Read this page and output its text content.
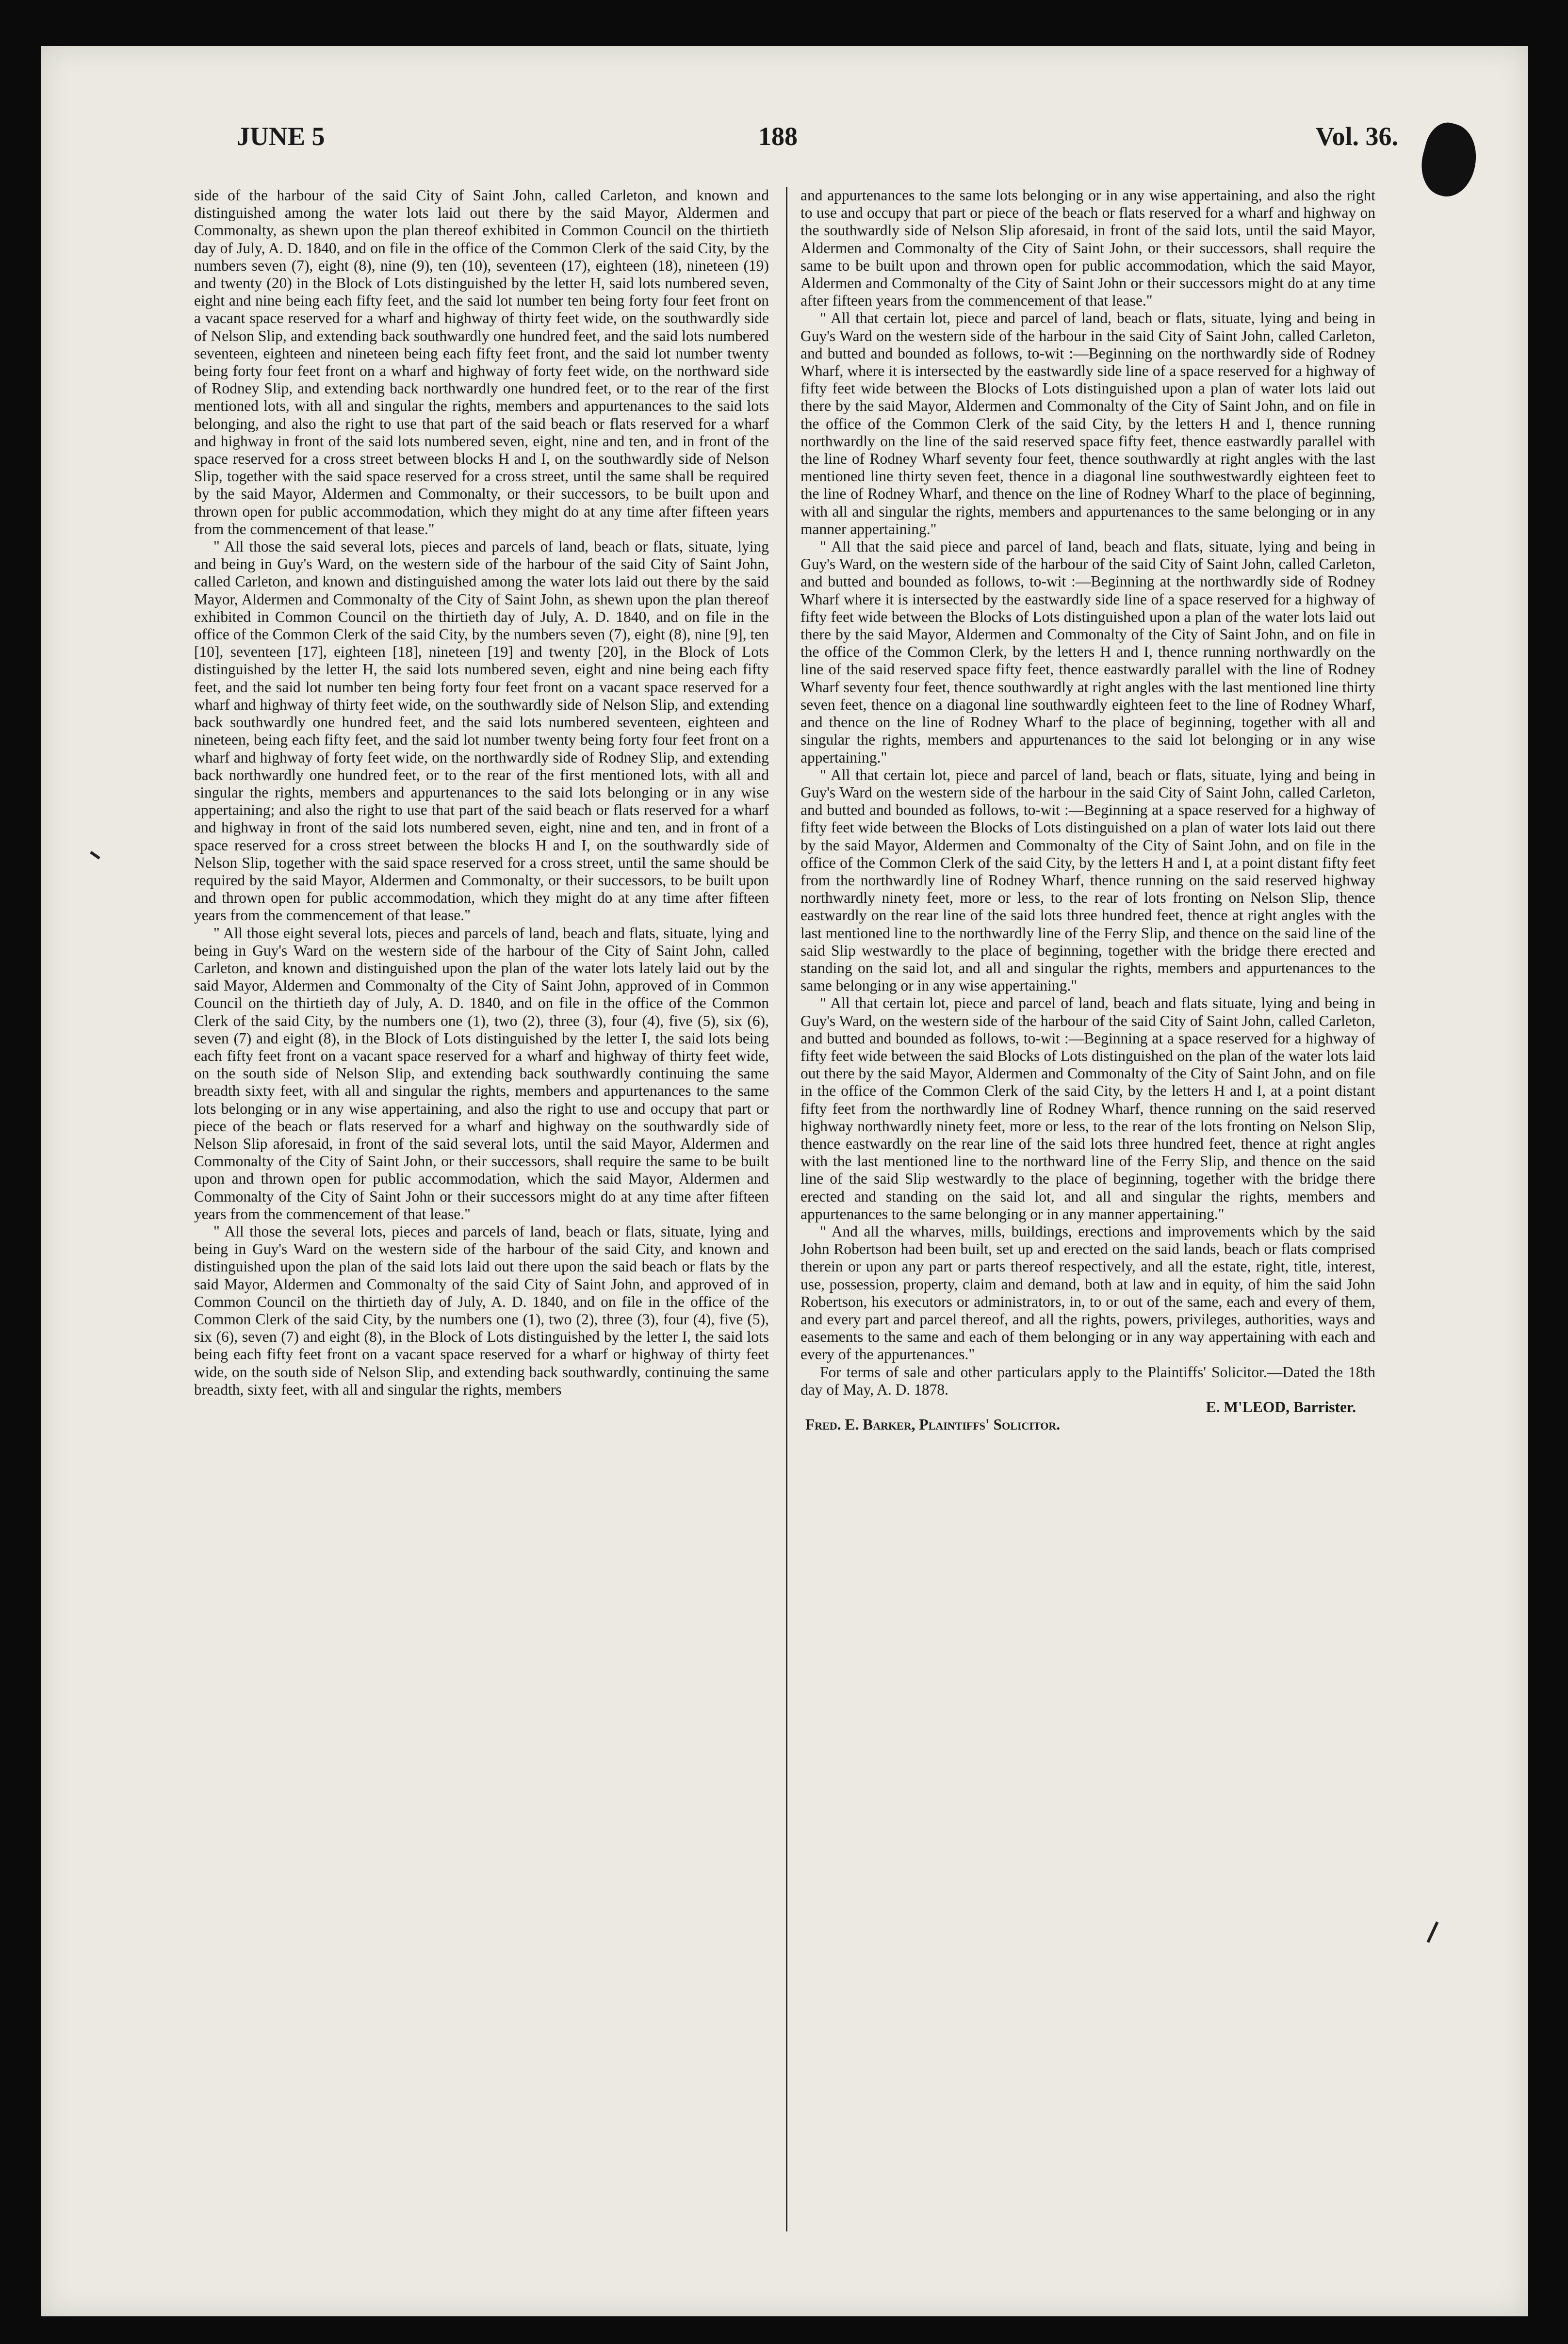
JUNE 5	188	Vol. 36.

side of the harbour of the said City of Saint John, called Carleton, and known and distinguished among the water lots laid out there by the said Mayor, Aldermen and Commonalty, as shewn upon the plan thereof exhibited in Common Council on the thirtieth day of July, A. D. 1840, and on file in the office of the Common Clerk of the said City, by the numbers seven (7), eight (8), nine (9), ten (10), seventeen (17), eighteen (18), nineteen (19) and twenty (20) in the Block of Lots distinguished by the letter H, said lots numbered seven, eight and nine being each fifty feet, and the said lot number ten being forty four feet front on a vacant space reserved for a wharf and highway of thirty feet wide, on the southwardly side of Nelson Slip, and extending back southwardly one hundred feet, and the said lots numbered seventeen, eighteen and nineteen being each fifty feet front, and the said lot number twenty being forty four feet front on a wharf and highway of forty feet wide, on the northward side of Rodney Slip, and extending back northwardly one hundred feet, or to the rear of the first mentioned lots, with all and singular the rights, members and appurtenances to the said lots belonging, and also the right to use that part of the said beach or flats reserved for a wharf and highway in front of the said lots numbered seven, eight, nine and ten, and in front of the space reserved for a cross street between blocks H and I, on the southwardly side of Nelson Slip, together with the said space reserved for a cross street, until the same shall be required by the said Mayor, Aldermen and Commonalty, or their successors, to be built upon and thrown open for public accommodation, which they might do at any time after fifteen years from the commencement of that lease."

" All those the said several lots, pieces and parcels of land, beach or flats, situate, lying and being in Guy's Ward, on the western side of the harbour of the said City of Saint John, called Carleton, and known and distinguished among the water lots laid out there by the said Mayor, Aldermen and Commonalty of the City of Saint John, as shewn upon the plan thereof exhibited in Common Council on the thirtieth day of July, A. D. 1840, and on file in the office of the Common Clerk of the said City, by the numbers seven (7), eight (8), nine [9], ten [10], seventeen [17], eighteen [18], nineteen [19] and twenty [20], in the Block of Lots distinguished by the letter H, the said lots numbered seven, eight and nine being each fifty feet, and the said lot number ten being forty four feet front on a vacant space reserved for a wharf and highway of thirty feet wide, on the southwardly side of Nelson Slip, and extending back southwardly one hundred feet, and the said lots numbered seventeen, eighteen and nineteen, being each fifty feet, and the said lot number twenty being forty four feet front on a wharf and highway of forty feet wide, on the northwardly side of Rodney Slip, and extending back northwardly one hundred feet, or to the rear of the first mentioned lots, with all and singular the rights, members and appurtenances to the said lots belonging or in any wise appertaining; and also the right to use that part of the said beach or flats reserved for a wharf and highway in front of the said lots numbered seven, eight, nine and ten, and in front of a space reserved for a cross street between the blocks H and I, on the southwardly side of Nelson Slip, together with the said space reserved for a cross street, until the same should be required by the said Mayor, Aldermen and Commonalty, or their successors, to be built upon and thrown open for public accommodation, which they might do at any time after fifteen years from the commencement of that lease."

" All those eight several lots, pieces and parcels of land, beach and flats, situate, lying and being in Guy's Ward on the western side of the harbour of the City of Saint John, called Carleton, and known and distinguished upon the plan of the water lots lately laid out by the said Mayor, Aldermen and Commonalty of the City of Saint John, approved of in Common Council on the thirtieth day of July, A. D. 1840, and on file in the office of the Common Clerk of the said City, by the numbers one (1), two (2), three (3), four (4), five (5), six (6), seven (7) and eight (8), in the Block of Lots distinguished by the letter I, the said lots being each fifty feet front on a vacant space reserved for a wharf and highway of thirty feet wide, on the south side of Nelson Slip, and extending back southwardly continuing the same breadth sixty feet, with all and singular the rights, members and appurtenances to the same lots belonging or in any wise appertaining, and also the right to use and occupy that part or piece of the beach or flats reserved for a wharf and highway on the southwardly side of Nelson Slip aforesaid, in front of the said several lots, until the said Mayor, Aldermen and Commonalty of the City of Saint John, or their successors, shall require the same to be built upon and thrown open for public accommodation, which the said Mayor, Aldermen and Commonalty of the City of Saint John or their successors might do at any time after fifteen years from the commencement of that lease."

" All those the several lots, pieces and parcels of land, beach or flats, situate, lying and being in Guy's Ward on the western side of the harbour of the said City, and known and distinguished upon the plan of the said lots laid out there upon the said beach or flats by the said Mayor, Aldermen and Commonalty of the said City of Saint John, and approved of in Common Council on the thirtieth day of July, A. D. 1840, and on file in the office of the Common Clerk of the said City, by the numbers one (1), two (2), three (3), four (4), five (5), six (6), seven (7) and eight (8), in the Block of Lots distinguished by the letter I, the said lots being each fifty feet front on a vacant space reserved for a wharf or highway of thirty feet wide, on the south side of Nelson Slip, and extending back southwardly, continuing the same breadth, sixty feet, with all and singular the rights, members

and appurtenances to the same lots belonging or in any wise appertaining, and also the right to use and occupy that part or piece of the beach or flats reserved for a wharf and highway on the southwardly side of Nelson Slip aforesaid, in front of the said lots, until the said Mayor, Aldermen and Commonalty of the City of Saint John, or their successors, shall require the same to be built upon and thrown open for public accommodation, which the said Mayor, Aldermen and Commonalty of the City of Saint John or their successors might do at any time after fifteen years from the commencement of that lease."

" All that certain lot, piece and parcel of land, beach or flats, situate, lying and being in Guy's Ward on the western side of the harbour in the said City of Saint John, called Carleton, and butted and bounded as follows, to-wit :—Beginning on the northwardly side of Rodney Wharf, where it is intersected by the eastwardly side line of a space reserved for a highway of fifty feet wide between the Blocks of Lots distinguished upon a plan of water lots laid out there by the said Mayor, Aldermen and Commonalty of the City of Saint John, and on file in the office of the Common Clerk of the said City, by the letters H and I, thence running northwardly on the line of the said reserved space fifty feet, thence eastwardly parallel with the line of Rodney Wharf seventy four feet, thence southwardly at right angles with the last mentioned line thirty seven feet, thence in a diagonal line southwestwardly eighteen feet to the line of Rodney Wharf, and thence on the line of Rodney Wharf to the place of beginning, with all and singular the rights, members and appurtenances to the same belonging or in any manner appertaining."

" All that the said piece and parcel of land, beach and flats, situate, lying and being in Guy's Ward, on the western side of the harbour of the said City of Saint John, called Carleton, and butted and bounded as follows, to-wit :—Beginning at the northwardly side of Rodney Wharf where it is intersected by the eastwardly side line of a space reserved for a highway of fifty feet wide between the Blocks of Lots distinguished upon a plan of the water lots laid out there by the said Mayor, Aldermen and Commonalty of the City of Saint John, and on file in the office of the Common Clerk, by the letters H and I, thence running northwardly on the line of the said reserved space fifty feet, thence eastwardly parallel with the line of Rodney Wharf seventy four feet, thence southwardly at right angles with the last mentioned line thirty seven feet, thence on a diagonal line southwardly eighteen feet to the line of Rodney Wharf, and thence on the line of Rodney Wharf to the place of beginning, together with all and singular the rights, members and appurtenances to the said lot belonging or in any wise appertaining."

" All that certain lot, piece and parcel of land, beach or flats, situate, lying and being in Guy's Ward on the western side of the harbour in the said City of Saint John, called Carleton, and butted and bounded as follows, to-wit :—Beginning at a space reserved for a highway of fifty feet wide between the Blocks of Lots distinguished on a plan of water lots laid out there by the said Mayor, Aldermen and Commonalty of the City of Saint John, and on file in the office of the Common Clerk of the said City, by the letters H and I, at a point distant fifty feet from the northwardly line of Rodney Wharf, thence running on the said reserved highway northwardly ninety feet, more or less, to the rear of lots fronting on Nelson Slip, thence eastwardly on the rear line of the said lots three hundred feet, thence at right angles with the last mentioned line to the northwardly line of the Ferry Slip, and thence on the said line of the said Slip westwardly to the place of beginning, together with the bridge there erected and standing on the said lot, and all and singular the rights, members and appurtenances to the same belonging or in any wise appertaining."

" All that certain lot, piece and parcel of land, beach and flats situate, lying and being in Guy's Ward, on the western side of the harbour of the said City of Saint John, called Carleton, and butted and bounded as follows, to-wit :—Beginning at a space reserved for a highway of fifty feet wide between the said Blocks of Lots distinguished on the plan of the water lots laid out there by the said Mayor, Aldermen and Commonalty of the City of Saint John, and on file in the office of the Common Clerk of the said City, by the letters H and I, at a point distant fifty feet from the northwardly line of Rodney Wharf, thence running on the said reserved highway northwardly ninety feet, more or less, to the rear of the lots fronting on Nelson Slip, thence eastwardly on the rear line of the said lots three hundred feet, thence at right angles with the last mentioned line to the northward line of the Ferry Slip, and thence on the said line of the said Slip westwardly to the place of beginning, together with the bridge there erected and standing on the said lot, and all and singular the rights, members and appurtenances to the same belonging or in any manner appertaining."

" And all the wharves, mills, buildings, erections and improvements which by the said John Robertson had been built, set up and erected on the said lands, beach or flats comprised therein or upon any part or parts thereof respectively, and all the estate, right, title, interest, use, possession, property, claim and demand, both at law and in equity, of him the said John Robertson, his executors or administrators, in, to or out of the same, each and every of them, and every part and parcel thereof, and all the rights, powers, privileges, authorities, ways and easements to the same and each of them belonging or in any way appertaining with each and every of the appurtenances."

For terms of sale and other particulars apply to the Plaintiffs' Solicitor.—Dated the 18th day of May, A. D. 1878.

E. M'LEOD, Barrister.

Fred. E. Barker, Plaintiffs' Solicitor.
